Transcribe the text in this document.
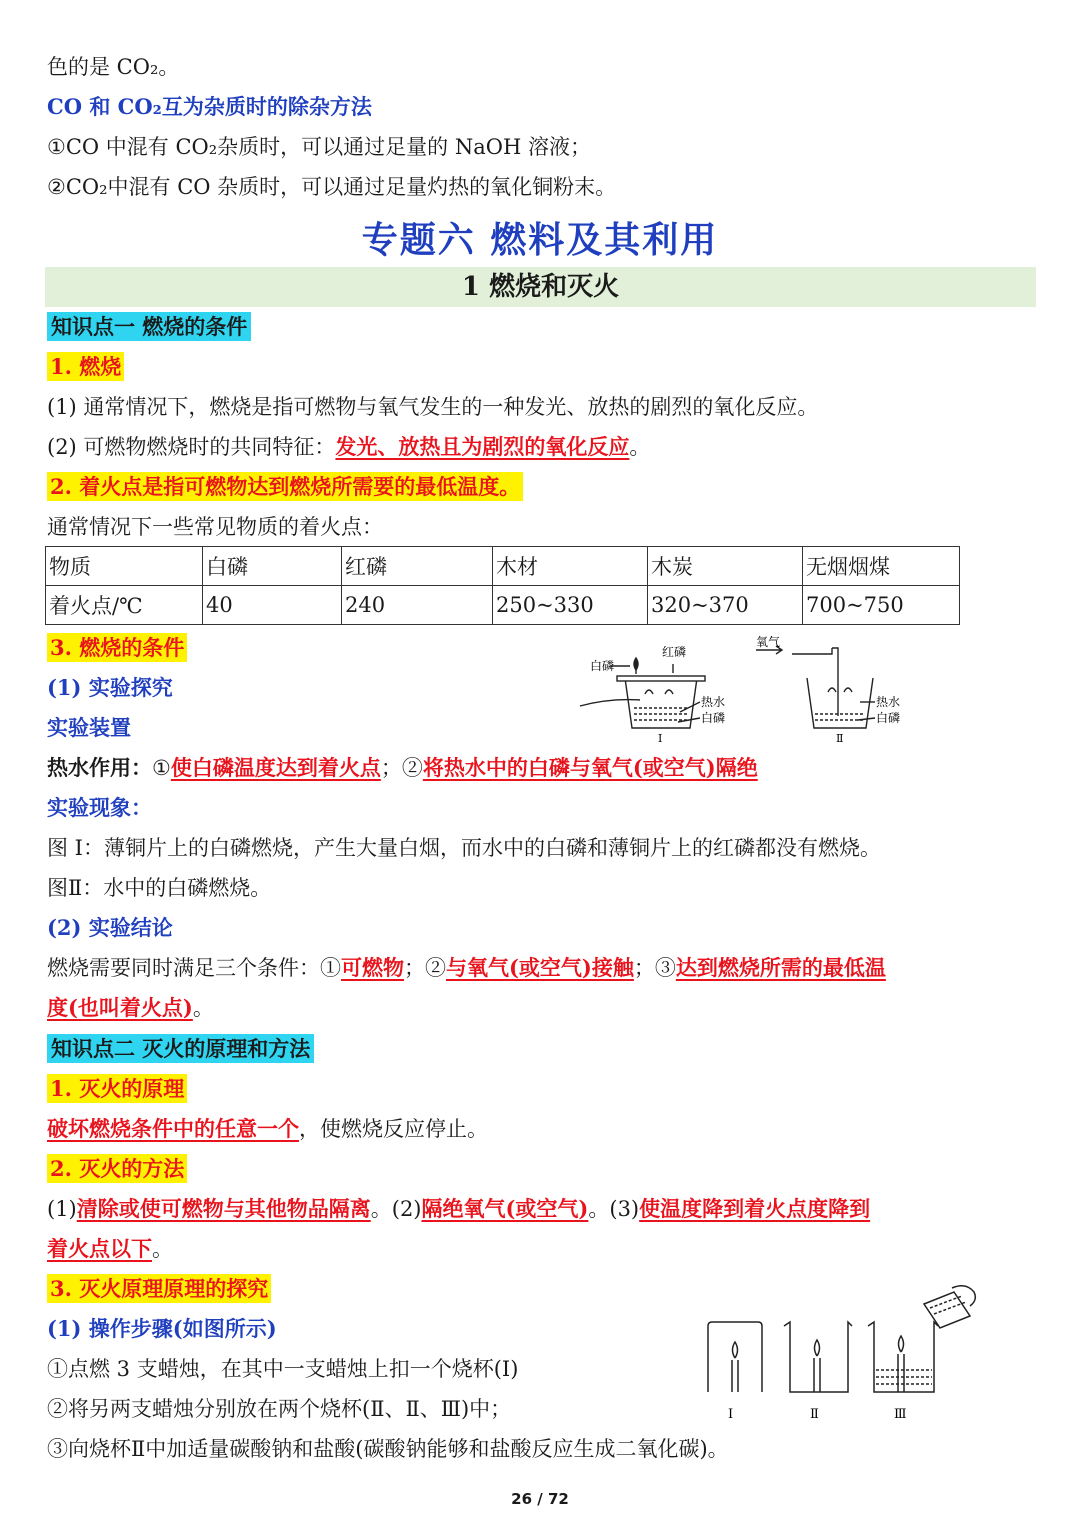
色的是 CO₂。
CO 和 CO₂互为杂质时的除杂方法
①CO 中混有 CO₂杂质时，可以通过足量的 NaOH 溶液；
②CO₂中混有 CO 杂质时，可以通过足量灼热的氧化铜粉末。
专题六 燃料及其利用
1 燃烧和灭火
知识点一 燃烧的条件
1. 燃烧
(1) 通常情况下，燃烧是指可燃物与氧气发生的一种发光、放热的剧烈的氧化反应。
(2) 可燃物燃烧时的共同特征：发光、放热且为剧烈的氧化反应。
2. 着火点是指可燃物达到燃烧所需要的最低温度。
通常情况下一些常见物质的着火点：
物质	白磷	红磷	木材	木炭	无烟烟煤
着火点/℃	40	240	250~330	320~370	700~750
3. 燃烧的条件
(1) 实验探究
实验装置
白磷
红磷
氧气
热水
白磷
热水
白磷
I	Ⅱ
热水作用：①使白磷温度达到着火点；②将热水中的白磷与氧气(或空气)隔绝
实验现象：
图 I：薄铜片上的白磷燃烧，产生大量白烟，而水中的白磷和薄铜片上的红磷都没有燃烧。
图Ⅱ：水中的白磷燃烧。
(2) 实验结论
燃烧需要同时满足三个条件：①可燃物；②与氧气(或空气)接触；③达到燃烧所需的最低温
度(也叫着火点)。
知识点二 灭火的原理和方法
1. 灭火的原理
破坏燃烧条件中的任意一个，使燃烧反应停止。
2. 灭火的方法
(1)清除或使可燃物与其他物品隔离。(2)隔绝氧气(或空气)。(3)使温度降到着火点度降到
着火点以下。
3. 灭火原理原理的探究
(1) 操作步骤(如图所示)
①点燃 3 支蜡烛，在其中一支蜡烛上扣一个烧杯(Ⅰ)
②将另两支蜡烛分别放在两个烧杯(Ⅱ、Ⅱ、Ⅲ)中；
③向烧杯Ⅱ中加适量碳酸钠和盐酸(碳酸钠能够和盐酸反应生成二氧化碳)。
I	Ⅱ	Ⅲ
26 / 72
